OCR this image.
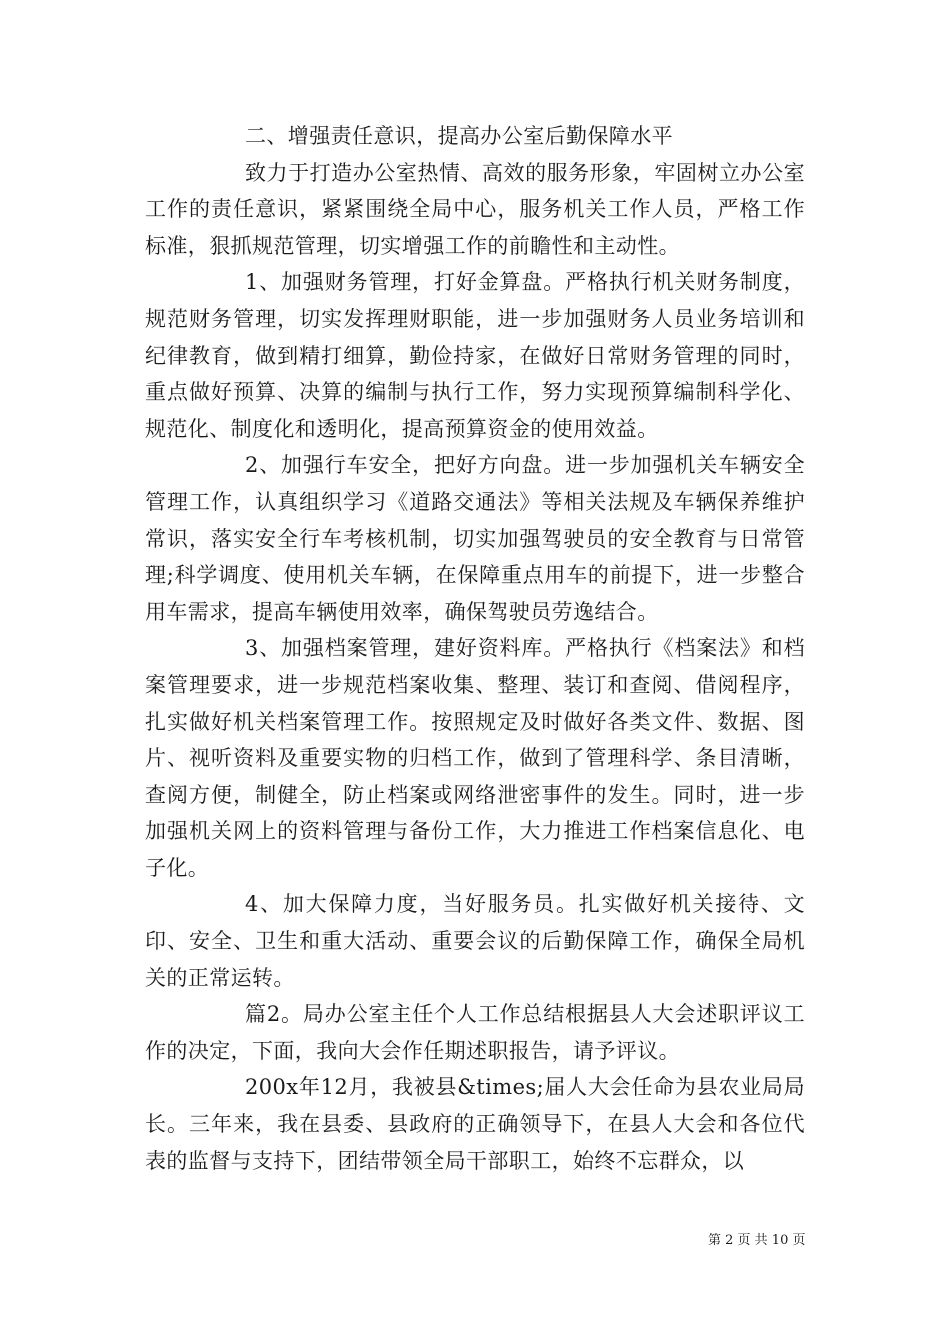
二、增强责任意识，提高办公室后勤保障水平

致力于打造办公室热情、高效的服务形象，牢固树立办公室工作的责任意识，紧紧围绕全局中心，服务机关工作人员，严格工作标准，狠抓规范管理，切实增强工作的前瞻性和主动性。

1、加强财务管理，打好金算盘。严格执行机关财务制度，规范财务管理，切实发挥理财职能，进一步加强财务人员业务培训和纪律教育，做到精打细算，勤俭持家，在做好日常财务管理的同时，重点做好预算、决算的编制与执行工作，努力实现预算编制科学化、规范化、制度化和透明化，提高预算资金的使用效益。

2、加强行车安全，把好方向盘。进一步加强机关车辆安全管理工作，认真组织学习《道路交通法》等相关法规及车辆保养维护常识，落实安全行车考核机制，切实加强驾驶员的安全教育与日常管理;科学调度、使用机关车辆，在保障重点用车的前提下，进一步整合用车需求，提高车辆使用效率，确保驾驶员劳逸结合。

3、加强档案管理，建好资料库。严格执行《档案法》和档案管理要求，进一步规范档案收集、整理、装订和查阅、借阅程序，扎实做好机关档案管理工作。按照规定及时做好各类文件、数据、图片、视听资料及重要实物的归档工作，做到了管理科学、条目清晰，查阅方便，制健全，防止档案或网络泄密事件的发生。同时，进一步加强机关网上的资料管理与备份工作，大力推进工作档案信息化、电子化。

4、加大保障力度，当好服务员。扎实做好机关接待、文印、安全、卫生和重大活动、重要会议的后勤保障工作，确保全局机关的正常运转。

篇2。局办公室主任个人工作总结根据县人大会述职评议工作的决定，下面，我向大会作任期述职报告，请予评议。

200x年12月，我被县&times;届人大会任命为县农业局局长。三年来，我在县委、县政府的正确领导下，在县人大会和各位代表的监督与支持下，团结带领全局干部职工，始终不忘群众，以

第 2 页 共 10 页
